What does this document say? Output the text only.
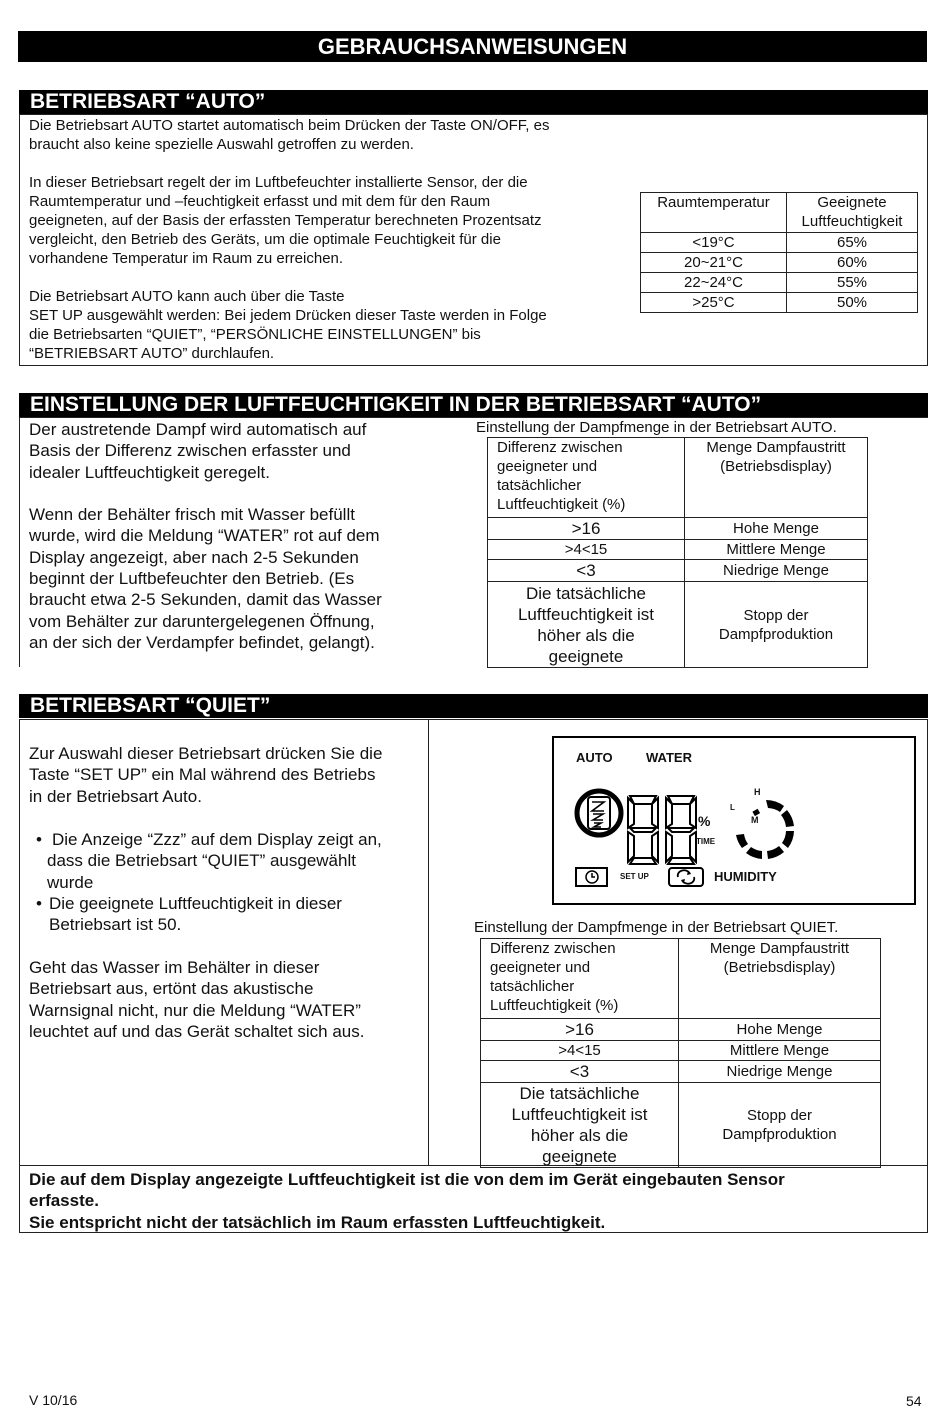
GEBRAUCHSANWEISUNGEN
BETRIEBSART “AUTO”
Die Betriebsart AUTO startet automatisch beim Drücken der Taste ON/OFF, es
braucht also keine spezielle Auswahl getroffen zu werden.
In dieser Betriebsart regelt der im Luftbefeuchter installierte Sensor, der die
Raumtemperatur und –feuchtigkeit erfasst und mit dem für den Raum
geeigneten, auf der Basis der erfassten Temperatur berechneten Prozentsatz
vergleicht, den Betrieb des Geräts, um die optimale Feuchtigkeit für die
vorhandene Temperatur im Raum zu erreichen.
Die Betriebsart AUTO kann auch über die Taste
SET UP ausgewählt werden: Bei jedem Drücken dieser Taste werden in Folge
die Betriebsarten “QUIET”, “PERSÖNLICHE EINSTELLUNGEN” bis
“BETRIEBSART AUTO” durchlaufen.
Raumtemperatur	Geeignete Luftfeuchtigkeit
<19°C	65%
20~21°C	60%
22~24°C	55%
>25°C	50%
EINSTELLUNG DER LUFTFEUCHTIGKEIT IN DER BETRIEBSART “AUTO”
Der austretende Dampf wird automatisch auf
Basis der Differenz zwischen erfasster und
idealer Luftfeuchtigkeit geregelt.
Wenn der Behälter frisch mit Wasser befüllt
wurde, wird die Meldung “WATER” rot auf dem
Display angezeigt, aber nach 2-5 Sekunden
beginnt der Luftbefeuchter den Betrieb. (Es
braucht etwa 2-5 Sekunden, damit das Wasser
vom Behälter zur daruntergelegenen Öffnung,
an der sich der Verdampfer befindet, gelangt).
Einstellung der Dampfmenge in der Betriebsart AUTO.
Differenz zwischen geeigneter und tatsächlicher Luftfeuchtigkeit (%)	Menge Dampfaustritt (Betriebsdisplay)
>16	Hohe Menge
>4<15	Mittlere Menge
<3	Niedrige Menge
Die tatsächliche Luftfeuchtigkeit ist höher als die geeignete	Stopp der Dampfproduktion
BETRIEBSART “QUIET”
Zur Auswahl dieser Betriebsart drücken Sie die
Taste “SET UP” ein Mal während des Betriebs
in der Betriebsart Auto.
• Die Anzeige “Zzz” auf dem Display zeigt an,
dass die Betriebsart “QUIET” ausgewählt
wurde
• Die geeignete Luftfeuchtigkeit in dieser
Betriebsart ist 50.
Geht das Wasser im Behälter in dieser
Betriebsart aus, ertönt das akustische
Warnsignal nicht, nur die Meldung “WATER”
leuchtet auf und das Gerät schaltet sich aus.
AUTO	WATER
%
TIME
H
M
L
SET UP	HUMIDITY
Einstellung der Dampfmenge in der Betriebsart QUIET.
Differenz zwischen geeigneter und tatsächlicher Luftfeuchtigkeit (%)	Menge Dampfaustritt (Betriebsdisplay)
>16	Hohe Menge
>4<15	Mittlere Menge
<3	Niedrige Menge
Die tatsächliche Luftfeuchtigkeit ist höher als die geeignete	Stopp der Dampfproduktion
Die auf dem Display angezeigte Luftfeuchtigkeit ist die von dem im Gerät eingebauten Sensor
erfasste.
Sie entspricht nicht der tatsächlich im Raum erfassten Luftfeuchtigkeit.
V 10/16	54
